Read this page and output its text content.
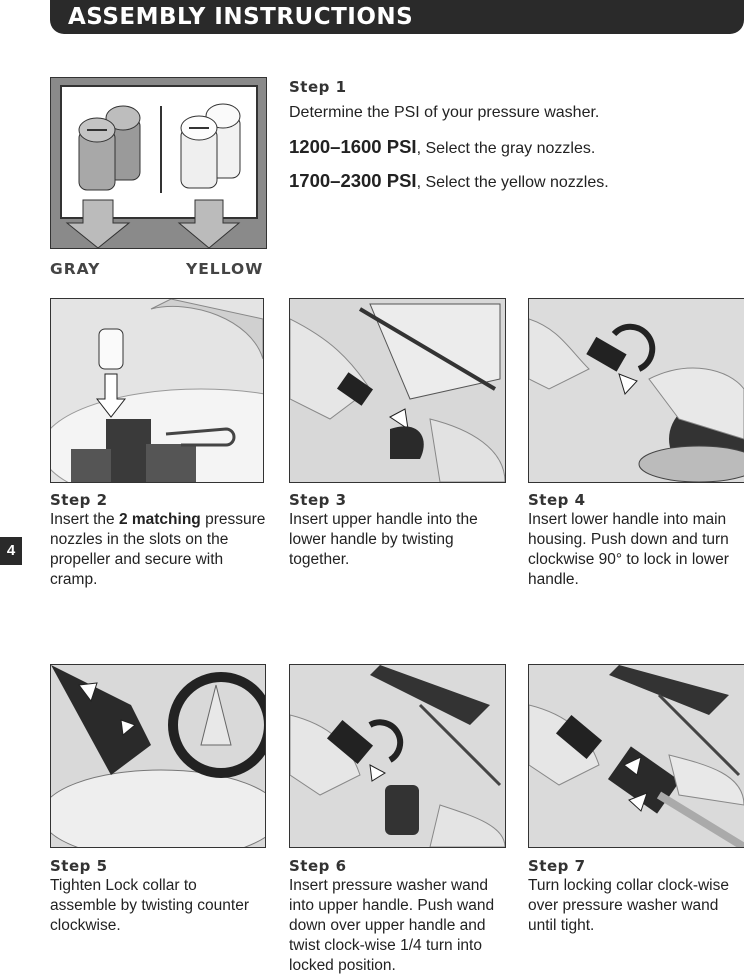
ASSEMBLY INSTRUCTIONS
4
GRAY	YELLOW
Step 1
Determine the PSI of your pressure washer.
1200–1600 PSI, Select the gray nozzles.
1700–2300 PSI, Select the yellow nozzles.
Step 2
Insert the 2 matching pressure nozzles in the slots on the propeller and secure with cramp.
Step 3
Insert upper handle into the lower handle by twisting together.
Step 4
Insert lower handle into main housing. Push down and turn clockwise 90° to lock in lower handle.
Step 5
Tighten Lock collar to assemble by twisting counter clockwise.
Step 6
Insert pressure washer wand into upper handle. Push wand down over upper handle and twist clock-wise 1/4 turn into locked position.
Step 7
Turn locking collar clock-wise over pressure washer wand until tight.
